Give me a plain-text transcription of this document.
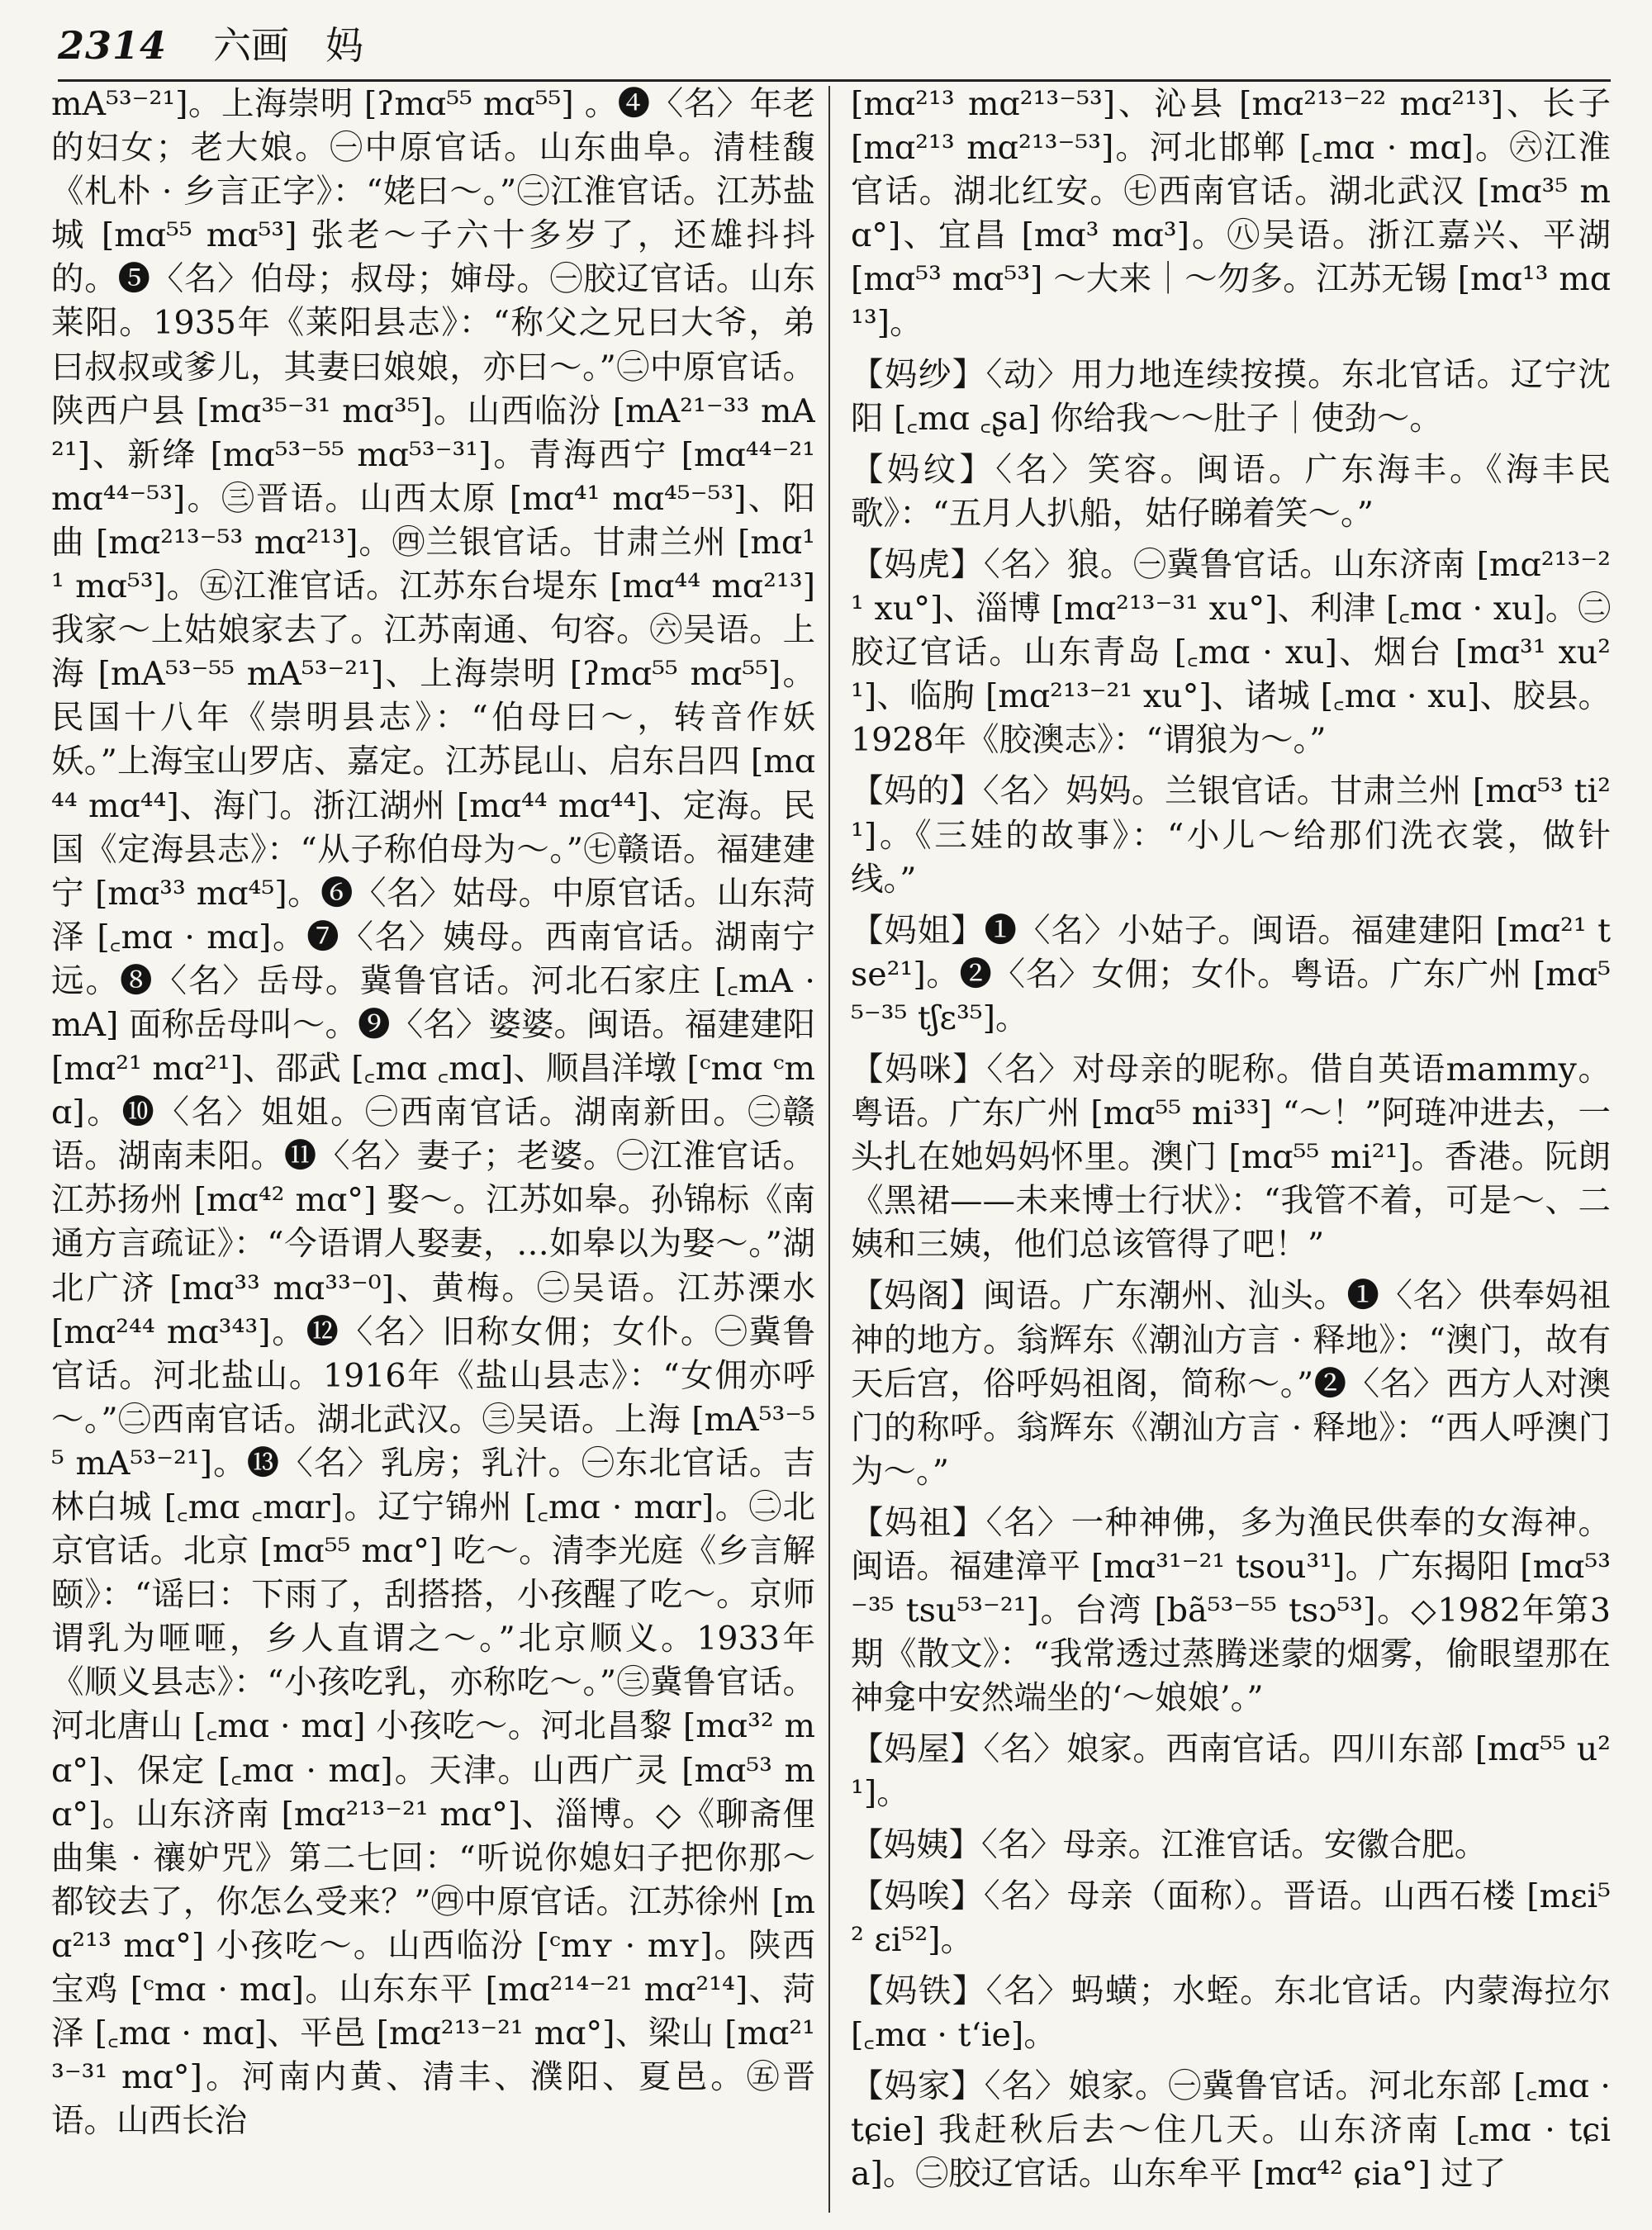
2314 六画 妈

mA⁵³⁻²¹]。上海崇明 [ʔmɑ⁵⁵ mɑ⁵⁵] 。❹〈名〉年老的妇女；老大娘。㊀中原官话。山东曲阜。清桂馥《札朴 · 乡言正字》：“姥曰～。”㊁江淮官话。江苏盐城 [mɑ⁵⁵ mɑ⁵³] 张老～子六十多岁了，还雄抖抖的。❺〈名〉伯母；叔母；婶母。㊀胶辽官话。山东莱阳。1935年《莱阳县志》：“称父之兄曰大爷，弟曰叔叔或爹儿，其妻曰娘娘，亦曰～。”㊁中原官话。陕西户县 [mɑ³⁵⁻³¹ mɑ³⁵]。山西临汾 [mA²¹⁻³³ mA²¹]、新绛 [mɑ⁵³⁻⁵⁵ mɑ⁵³⁻³¹]。青海西宁 [mɑ⁴⁴⁻²¹ mɑ⁴⁴⁻⁵³]。㊂晋语。山西太原 [mɑ⁴¹ mɑ⁴⁵⁻⁵³]、阳曲 [mɑ²¹³⁻⁵³ mɑ²¹³]。㊃兰银官话。甘肃兰州 [mɑ¹¹ mɑ⁵³]。㊄江淮官话。江苏东台堤东 [mɑ⁴⁴ mɑ²¹³] 我家～上姑娘家去了。江苏南通、句容。㊅吴语。上海 [mA⁵³⁻⁵⁵ mA⁵³⁻²¹]、上海崇明 [ʔmɑ⁵⁵ mɑ⁵⁵]。民国十八年《崇明县志》：“伯母曰～，转音作妖妖。”上海宝山罗店、嘉定。江苏昆山、启东吕四 [mɑ⁴⁴ mɑ⁴⁴]、海门。浙江湖州 [mɑ⁴⁴ mɑ⁴⁴]、定海。民国《定海县志》：“从子称伯母为～。”㊆赣语。福建建宁 [mɑ³³ mɑ⁴⁵]。❻〈名〉姑母。中原官话。山东菏泽 [꜀mɑ · mɑ]。❼〈名〉姨母。西南官话。湖南宁远。❽〈名〉岳母。冀鲁官话。河北石家庄 [꜀mA · mA] 面称岳母叫～。❾〈名〉婆婆。闽语。福建建阳 [mɑ²¹ mɑ²¹]、邵武 [꜀mɑ ꜀mɑ]、顺昌洋墩 [ᶜmɑ ᶜmɑ]。❿〈名〉姐姐。㊀西南官话。湖南新田。㊁赣语。湖南耒阳。⓫〈名〉妻子；老婆。㊀江淮官话。江苏扬州 [mɑ⁴² mɑ°] 娶～。江苏如皋。孙锦标《南通方言疏证》：“今语谓人娶妻，…如皋以为娶～。”湖北广济 [mɑ³³ mɑ³³⁻⁰]、黄梅。㊁吴语。江苏溧水 [mɑ²⁴⁴ mɑ³⁴³]。⓬〈名〉旧称女佣；女仆。㊀冀鲁官话。河北盐山。1916年《盐山县志》：“女佣亦呼～。”㊁西南官话。湖北武汉。㊂吴语。上海 [mA⁵³⁻⁵⁵ mA⁵³⁻²¹]。⓭〈名〉乳房；乳汁。㊀东北官话。吉林白城 [꜀mɑ ꜀mɑr]。辽宁锦州 [꜀mɑ · mɑr]。㊁北京官话。北京 [mɑ⁵⁵ mɑ°] 吃～。清李光庭《乡言解颐》：“谣曰：下雨了，刮搭搭，小孩醒了吃～。京师谓乳为咂咂，乡人直谓之～。”北京顺义。1933年《顺义县志》：“小孩吃乳，亦称吃～。”㊂冀鲁官话。河北唐山 [꜀mɑ · mɑ] 小孩吃～。河北昌黎 [mɑ³² mɑ°]、保定 [꜀mɑ · mɑ]。天津。山西广灵 [mɑ⁵³ mɑ°]。山东济南 [mɑ²¹³⁻²¹ mɑ°]、淄博。◇《聊斋俚曲集 · 禳妒咒》第二七回：“听说你媳妇子把你那～都铰去了，你怎么受来？”㊃中原官话。江苏徐州 [mɑ²¹³ mɑ°] 小孩吃～。山西临汾 [ᶜmʏ · mʏ]。陕西宝鸡 [ᶜmɑ · mɑ]。山东东平 [mɑ²¹⁴⁻²¹ mɑ²¹⁴]、菏泽 [꜀mɑ · mɑ]、平邑 [mɑ²¹³⁻²¹ mɑ°]、梁山 [mɑ²¹³⁻³¹ mɑ°]。河南内黄、清丰、濮阳、夏邑。㊄晋语。山西长治

[mɑ²¹³ mɑ²¹³⁻⁵³]、沁县 [mɑ²¹³⁻²² mɑ²¹³]、长子 [mɑ²¹³ mɑ²¹³⁻⁵³]。河北邯郸 [꜀mɑ · mɑ]。㊅江淮官话。湖北红安。㊆西南官话。湖北武汉 [mɑ³⁵ mɑ°]、宜昌 [mɑ³ mɑ³]。㊇吴语。浙江嘉兴、平湖 [mɑ⁵³ mɑ⁵³] ～大来｜～勿多。江苏无锡 [mɑ¹³ mɑ¹³]。

【妈纱】〈动〉用力地连续按摸。东北官话。辽宁沈阳 [꜀mɑ ꜀ʂa] 你给我～～肚子｜使劲～。

【妈纹】〈名〉笑容。闽语。广东海丰。《海丰民歌》：“五月人扒船，姑仔睇着笑～。”

【妈虎】〈名〉狼。㊀冀鲁官话。山东济南 [mɑ²¹³⁻²¹ xu°]、淄博 [mɑ²¹³⁻³¹ xu°]、利津 [꜀mɑ · xu]。㊁胶辽官话。山东青岛 [꜀mɑ · xu]、烟台 [mɑ³¹ xu²¹]、临朐 [mɑ²¹³⁻²¹ xu°]、诸城 [꜀mɑ · xu]、胶县。1928年《胶澳志》：“谓狼为～。”

【妈的】〈名〉妈妈。兰银官话。甘肃兰州 [mɑ⁵³ ti²¹]。《三娃的故事》：“小儿～给那们洗衣裳，做针线。”

【妈姐】❶〈名〉小姑子。闽语。福建建阳 [mɑ²¹ tse²¹]。❷〈名〉女佣；女仆。粤语。广东广州 [mɑ⁵⁵⁻³⁵ tʃɛ³⁵]。

【妈咪】〈名〉对母亲的昵称。借自英语mammy。粤语。广东广州 [mɑ⁵⁵ mi³³] “～！”阿琏冲进去，一头扎在她妈妈怀里。澳门 [mɑ⁵⁵ mi²¹]。香港。阮朗《黑裙——未来博士行状》：“我管不着，可是～、二姨和三姨，他们总该管得了吧！”

【妈阁】闽语。广东潮州、汕头。❶〈名〉供奉妈祖神的地方。翁辉东《潮汕方言 · 释地》：“澳门，故有天后宫，俗呼妈祖阁，简称～。”❷〈名〉西方人对澳门的称呼。翁辉东《潮汕方言 · 释地》：“西人呼澳门为～。”

【妈祖】〈名〉一种神佛，多为渔民供奉的女海神。闽语。福建漳平 [mɑ³¹⁻²¹ tsou³¹]。广东揭阳 [mɑ⁵³⁻³⁵ tsu⁵³⁻²¹]。台湾 [bã⁵³⁻⁵⁵ tsɔ⁵³]。◇1982年第3期《散文》：“我常透过蒸腾迷蒙的烟雾，偷眼望那在神龛中安然端坐的‘～娘娘’。”

【妈屋】〈名〉娘家。西南官话。四川东部 [mɑ⁵⁵ u²¹]。

【妈姨】〈名〉母亲。江淮官话。安徽合肥。

【妈唉】〈名〉母亲（面称）。晋语。山西石楼 [mɛi⁵² ɛi⁵²]。

【妈铁】〈名〉蚂蟥；水蛭。东北官话。内蒙海拉尔 [꜀mɑ · tʻie]。

【妈家】〈名〉娘家。㊀冀鲁官话。河北东部 [꜀mɑ · tɕie] 我赶秋后去～住几天。山东济南 [꜀mɑ · tɕia]。㊁胶辽官话。山东牟平 [mɑ⁴² ɕia°] 过了
